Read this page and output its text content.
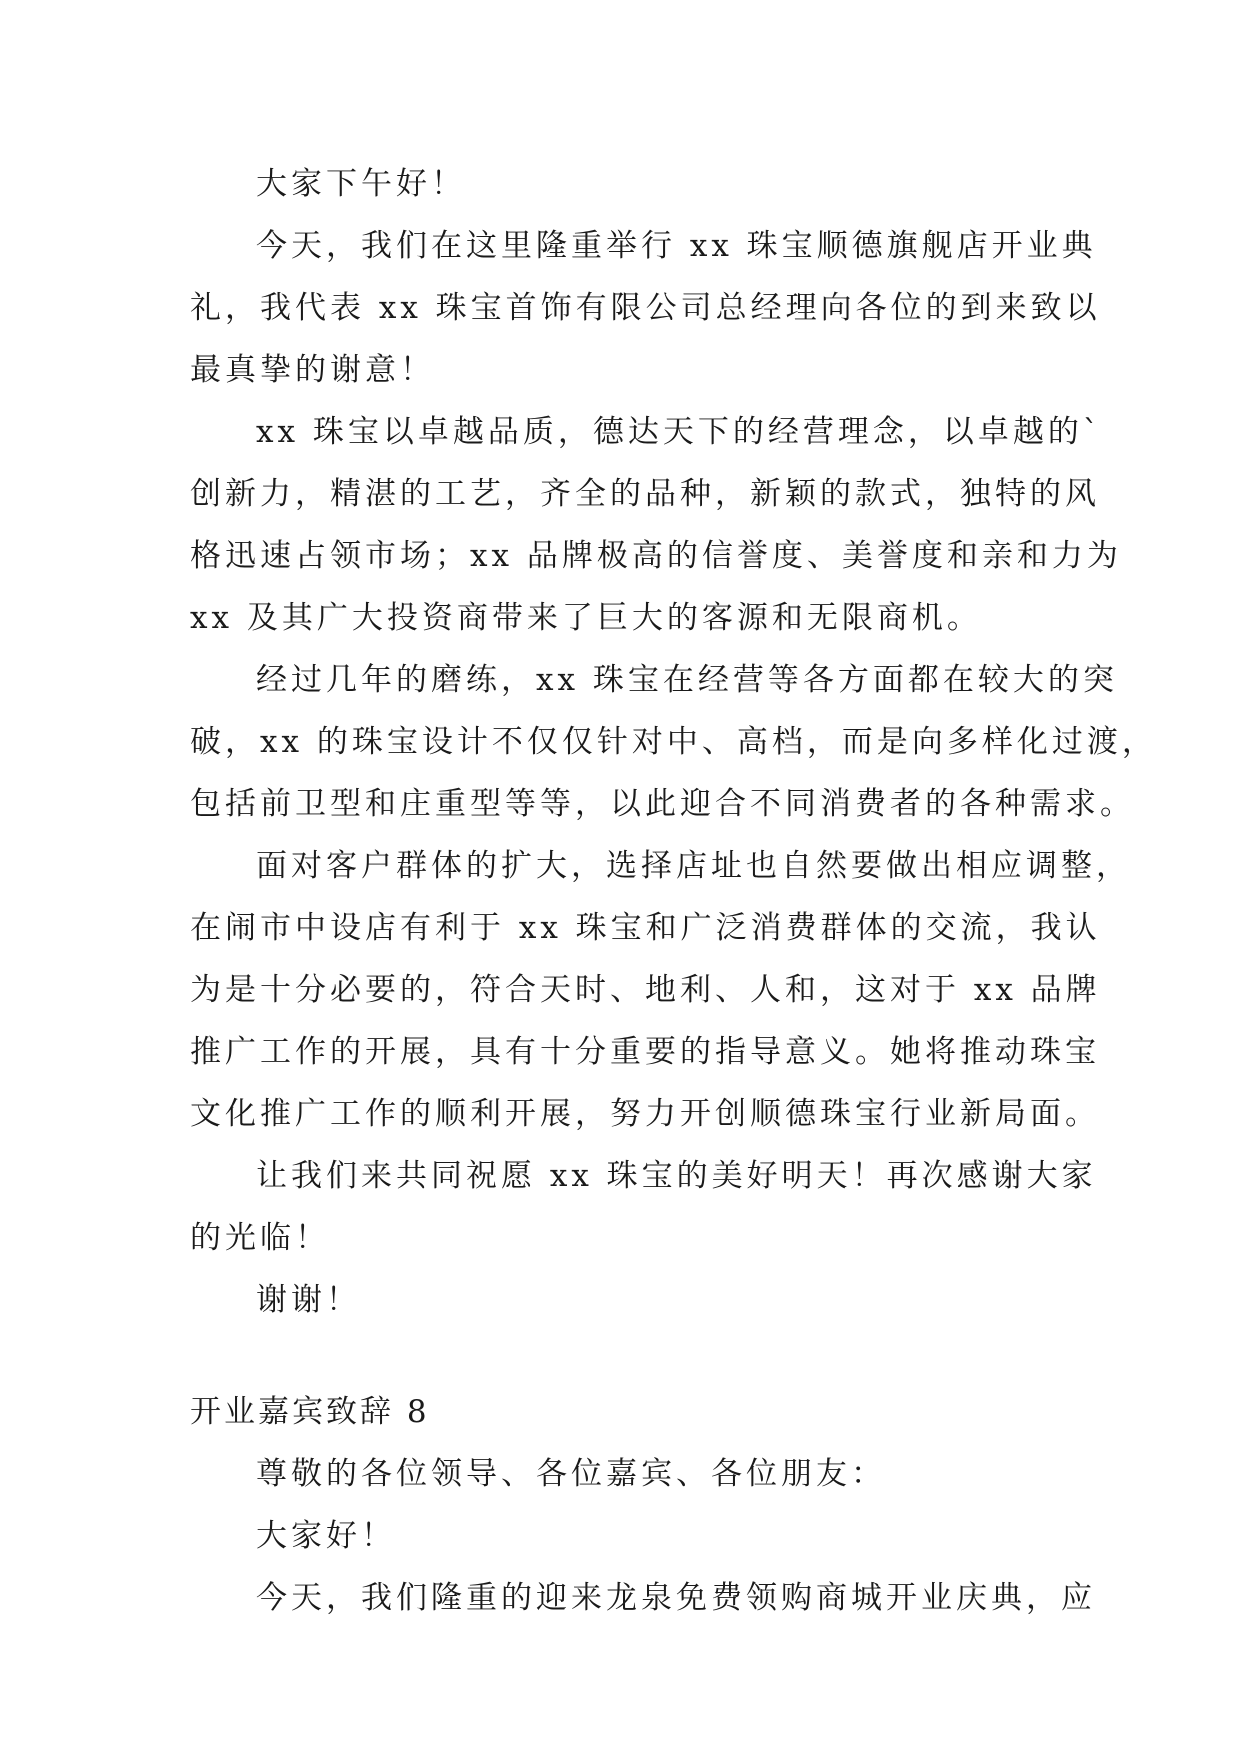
大家下午好！
今天，我们在这里隆重举行 xx 珠宝顺德旗舰店开业典
礼，我代表 xx 珠宝首饰有限公司总经理向各位的到来致以
最真挚的谢意！
xx 珠宝以卓越品质，德达天下的经营理念，以卓越的`
创新力，精湛的工艺，齐全的品种，新颖的款式，独特的风
格迅速占领市场；xx 品牌极高的信誉度、美誉度和亲和力为
xx 及其广大投资商带来了巨大的客源和无限商机。
经过几年的磨练，xx 珠宝在经营等各方面都在较大的突
破，xx 的珠宝设计不仅仅针对中、高档，而是向多样化过渡，
包括前卫型和庄重型等等，以此迎合不同消费者的各种需求。
面对客户群体的扩大，选择店址也自然要做出相应调整，
在闹市中设店有利于 xx 珠宝和广泛消费群体的交流，我认
为是十分必要的，符合天时、地利、人和，这对于 xx 品牌
推广工作的开展，具有十分重要的指导意义。她将推动珠宝
文化推广工作的顺利开展，努力开创顺德珠宝行业新局面。
让我们来共同祝愿 xx 珠宝的美好明天！再次感谢大家
的光临！
谢谢！
开业嘉宾致辞 8
尊敬的各位领导、各位嘉宾、各位朋友：
大家好！
今天，我们隆重的迎来龙泉免费领购商城开业庆典，应
